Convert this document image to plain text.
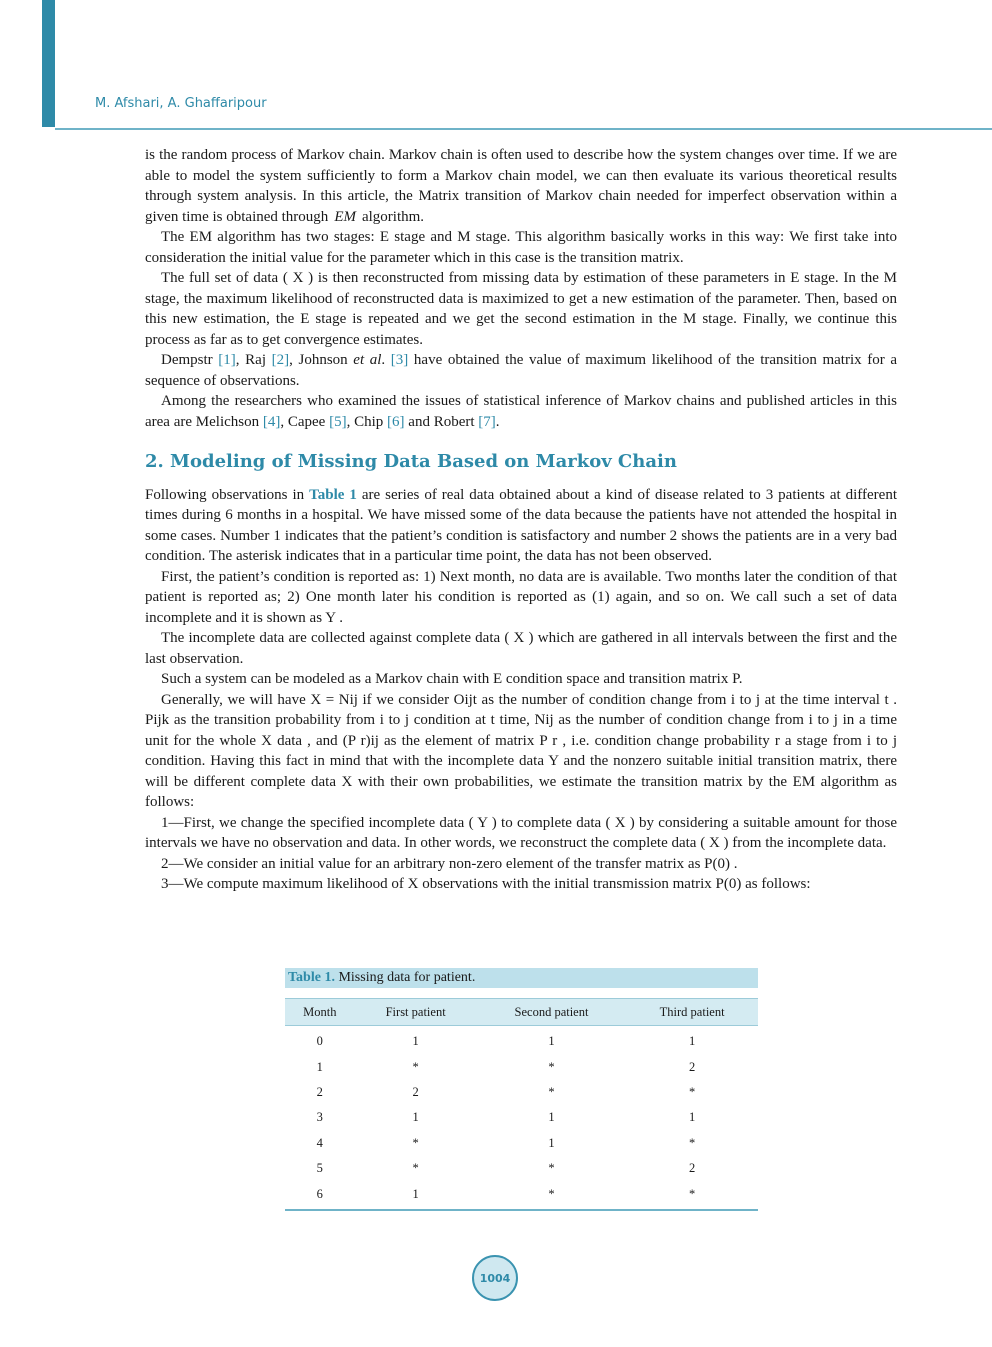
M. Afshari, A. Ghaffaripour

is the random process of Markov chain. Markov chain is often used to describe how the system changes over time. If we are able to model the system sufficiently to form a Markov chain model, we can then evaluate its various theoretical results through system analysis. In this article, the Matrix transition of Markov chain needed for imperfect observation within a given time is obtained through EM algorithm.

The EM algorithm has two stages: E stage and M stage. This algorithm basically works in this way: We first take into consideration the initial value for the parameter which in this case is the transition matrix.

The full set of data ( X ) is then reconstructed from missing data by estimation of these parameters in E stage. In the M stage, the maximum likelihood of reconstructed data is maximized to get a new estimation of the parameter. Then, based on this new estimation, the E stage is repeated and we get the second estimation in the M stage. Finally, we continue this process as far as to get convergence estimates.

Dempstr [1], Raj [2], Johnson et al. [3] have obtained the value of maximum likelihood of the transition matrix for a sequence of observations.

Among the researchers who examined the issues of statistical inference of Markov chains and published articles in this area are Melichson [4], Capee [5], Chip [6] and Robert [7].

2. Modeling of Missing Data Based on Markov Chain

Following observations in Table 1 are series of real data obtained about a kind of disease related to 3 patients at different times during 6 months in a hospital. We have missed some of the data because the patients have not attended the hospital in some cases. Number 1 indicates that the patient’s condition is satisfactory and number 2 shows the patients are in a very bad condition. The asterisk indicates that in a particular time point, the data has not been observed.

First, the patient’s condition is reported as: 1) Next month, no data are is available. Two months later the condition of that patient is reported as; 2) One month later his condition is reported as (1) again, and so on. We call such a set of data incomplete and it is shown as Y .

The incomplete data are collected against complete data ( X ) which are gathered in all intervals between the first and the last observation.

Such a system can be modeled as a Markov chain with E condition space and transition matrix P.

Generally, we will have X = Nij if we consider Oijt as the number of condition change from i to j at the time interval t . Pijk as the transition probability from i to j condition at t time, Nij as the number of condition change from i to j in a time unit for the whole X data , and (P r)ij as the element of matrix P r , i.e. condition change probability r a stage from i to j condition. Having this fact in mind that with the incomplete data Y and the nonzero suitable initial transition matrix, there will be different complete data X with their own probabilities, we estimate the transition matrix by the EM algorithm as follows:

1—First, we change the specified incomplete data ( Y ) to complete data ( X ) by considering a suitable amount for those intervals we have no observation and data. In other words, we reconstruct the complete data ( X ) from the incomplete data.

2—We consider an initial value for an arbitrary non-zero element of the transfer matrix as P(0) .

3—We compute maximum likelihood of X observations with the initial transmission matrix P(0) as follows:

Table 1. Missing data for patient.
Month	First patient	Second patient	Third patient
0	1	1	1
1	*	*	2
2	2	*	*
3	1	1	1
4	*	1	*
5	*	*	2
6	1	*	*
1004
